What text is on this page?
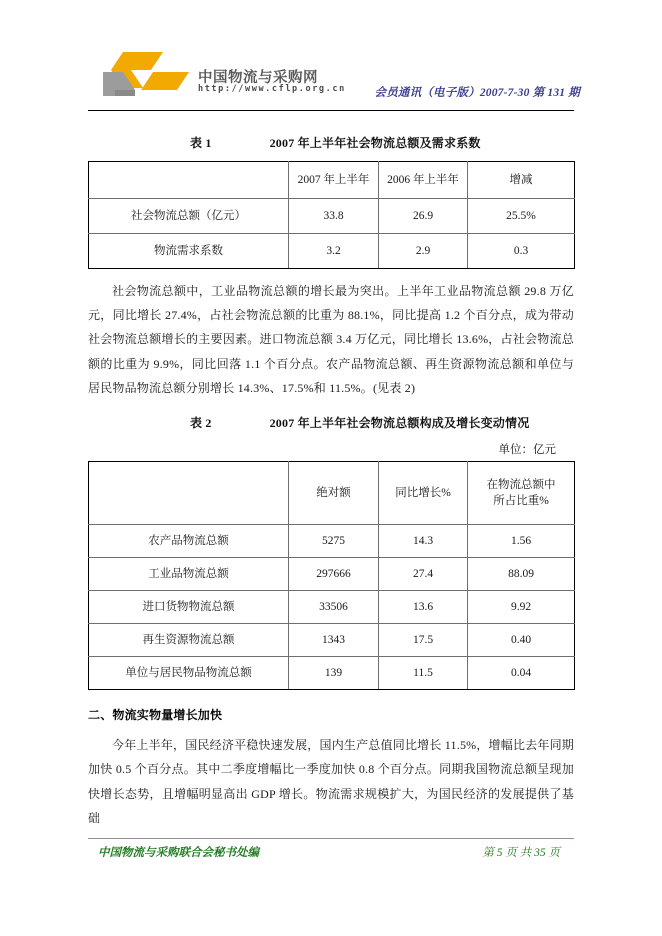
中国物流与采购网
http://www.cflp.org.cn 会员通讯（电子版）2007-7-30 第 131 期
表 1	2007 年上半年社会物流总额及需求系数
	2007 年上半年	2006 年上半年	增减
社会物流总额（亿元）	33.8	26.9	25.5%
物流需求系数	3.2	2.9	0.3

社会物流总额中，工业品物流总额的增长最为突出。上半年工业品物流总额 29.8 万亿元，同比增长 27.4%，占社会物流总额的比重为 88.1%，同比提高 1.2 个百分点，成为带动社会物流总额增长的主要因素。进口物流总额 3.4 万亿元，同比增长 13.6%，占社会物流总额的比重为 9.9%，同比回落 1.1 个百分点。农产品物流总额、再生资源物流总额和单位与居民物品物流总额分别增长 14.3%、17.5%和 11.5%。(见表 2)

表 2	2007 年上半年社会物流总额构成及增长变动情况
单位：亿元
	绝对额	同比增长%	在物流总额中
所占比重%

农产品物流总额	5275	14.3	1.56
工业品物流总额	297666	27.4	88.09
进口货物物流总额	33506	13.6	9.92
再生资源物流总额	1343	17.5	0.40
单位与居民物品物流总额	139	11.5	0.04
二、物流实物量增长加快

今年上半年，国民经济平稳快速发展，国内生产总值同比增长 11.5%，增幅比去年同期加快 0.5 个百分点。其中二季度增幅比一季度加快 0.8 个百分点。同期我国物流总额呈现加快增长态势，且增幅明显高出 GDP 增长。物流需求规模扩大，为国民经济的发展提供了基础

中国物流与采购联合会秘书处编	第 5 页 共 35 页
